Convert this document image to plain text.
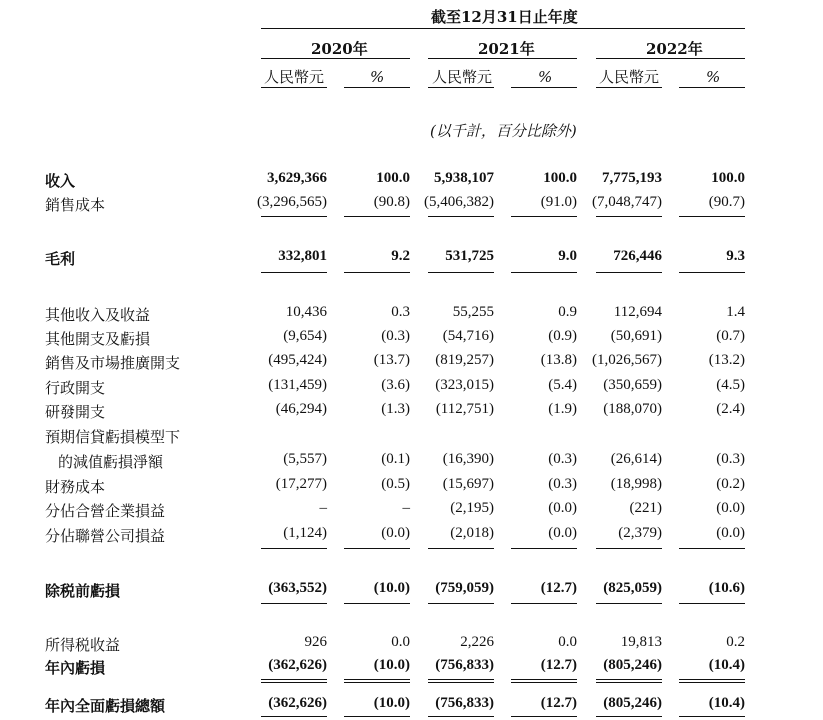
截至12月31日止年度
2020年	2021年	2022年
人民幣元	%	人民幣元	%	人民幣元	%
(以千計，百分比除外)
收入	3,629,366	100.0 5,938,107	100.0 7,775,193	100.0
銷售成本	(3,296,565)	(90.8) (5,406,382)	(91.0) (7,048,747)	(90.7)
毛利	332,801	9.2 531,725	9.0 726,446	9.3
其他收入及收益	10,436	0.3	55,255	0.9 112,694	1.4
其他開支及虧損	(9,654)	(0.3) (54,716)	(0.9) (50,691)	(0.7)
銷售及市場推廣開支	(495,424)	(13.7) (819,257)	(13.8) (1,026,567)	(13.2)
行政開支	(131,459)	(3.6) (323,015)	(5.4) (350,659)	(4.5)
研發開支	(46,294)	(1.3) (112,751)	(1.9) (188,070)	(2.4)
預期信貸虧損模型下
的減值虧損淨額	(5,557)	(0.1) (16,390)	(0.3) (26,614)	(0.3)
財務成本	(17,277)	(0.5) (15,697)	(0.3) (18,998)	(0.2)
分佔合營企業損益	–	–	(2,195)	(0.0)	(221)	(0.0)
分佔聯營公司損益	(1,124)	(0.0)	(2,018)	(0.0)	(2,379)	(0.0)
除税前虧損	(363,552)	(10.0) (759,059)	(12.7) (825,059)	(10.6)
所得税收益	926	0.0	2,226	0.0	19,813	0.2
年內虧損	(362,626)	(10.0) (756,833)	(12.7) (805,246)	(10.4)
年內全面虧損總額	(362,626)	(10.0) (756,833)	(12.7) (805,246)	(10.4)
